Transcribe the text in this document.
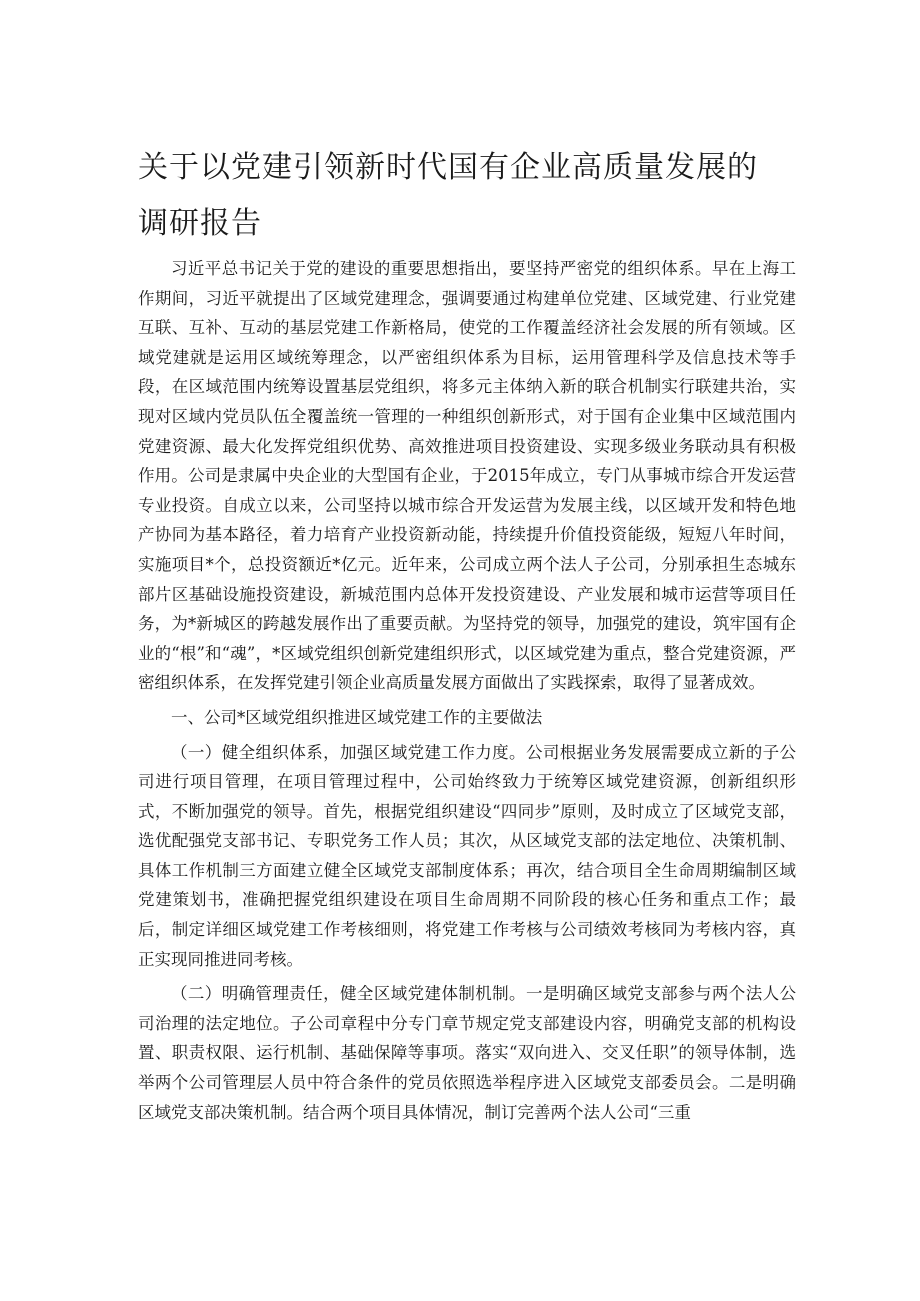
关于以党建引领新时代国有企业高质量发展的调研报告

习近平总书记关于党的建设的重要思想指出，要坚持严密党的组织体系。早在上海工作期间，习近平就提出了区域党建理念，强调要通过构建单位党建、区域党建、行业党建互联、互补、互动的基层党建工作新格局，使党的工作覆盖经济社会发展的所有领域。区域党建就是运用区域统筹理念，以严密组织体系为目标，运用管理科学及信息技术等手段，在区域范围内统筹设置基层党组织，将多元主体纳入新的联合机制实行联建共治，实现对区域内党员队伍全覆盖统一管理的一种组织创新形式，对于国有企业集中区域范围内党建资源、最大化发挥党组织优势、高效推进项目投资建设、实现多级业务联动具有积极作用。公司是隶属中央企业的大型国有企业，于2015年成立，专门从事城市综合开发运营专业投资。自成立以来，公司坚持以城市综合开发运营为发展主线，以区域开发和特色地产协同为基本路径，着力培育产业投资新动能，持续提升价值投资能级，短短八年时间，实施项目*个，总投资额近*亿元。近年来，公司成立两个法人子公司，分别承担生态城东部片区基础设施投资建设，新城范围内总体开发投资建设、产业发展和城市运营等项目任务，为*新城区的跨越发展作出了重要贡献。为坚持党的领导，加强党的建设，筑牢国有企业的“根”和“魂”，*区域党组织创新党建组织形式，以区域党建为重点，整合党建资源，严密组织体系，在发挥党建引领企业高质量发展方面做出了实践探索，取得了显著成效。

一、公司*区域党组织推进区域党建工作的主要做法

（一）健全组织体系，加强区域党建工作力度。公司根据业务发展需要成立新的子公司进行项目管理，在项目管理过程中，公司始终致力于统筹区域党建资源，创新组织形式，不断加强党的领导。首先，根据党组织建设“四同步”原则，及时成立了区域党支部，选优配强党支部书记、专职党务工作人员；其次，从区域党支部的法定地位、决策机制、具体工作机制三方面建立健全区域党支部制度体系；再次，结合项目全生命周期编制区域党建策划书，准确把握党组织建设在项目生命周期不同阶段的核心任务和重点工作；最后，制定详细区域党建工作考核细则，将党建工作考核与公司绩效考核同为考核内容，真正实现同推进同考核。

（二）明确管理责任，健全区域党建体制机制。一是明确区域党支部参与两个法人公司治理的法定地位。子公司章程中分专门章节规定党支部建设内容，明确党支部的机构设置、职责权限、运行机制、基础保障等事项。落实“双向进入、交叉任职”的领导体制，选举两个公司管理层人员中符合条件的党员依照选举程序进入区域党支部委员会。二是明确区域党支部决策机制。结合两个项目具体情况，制订完善两个法人公司“三重
